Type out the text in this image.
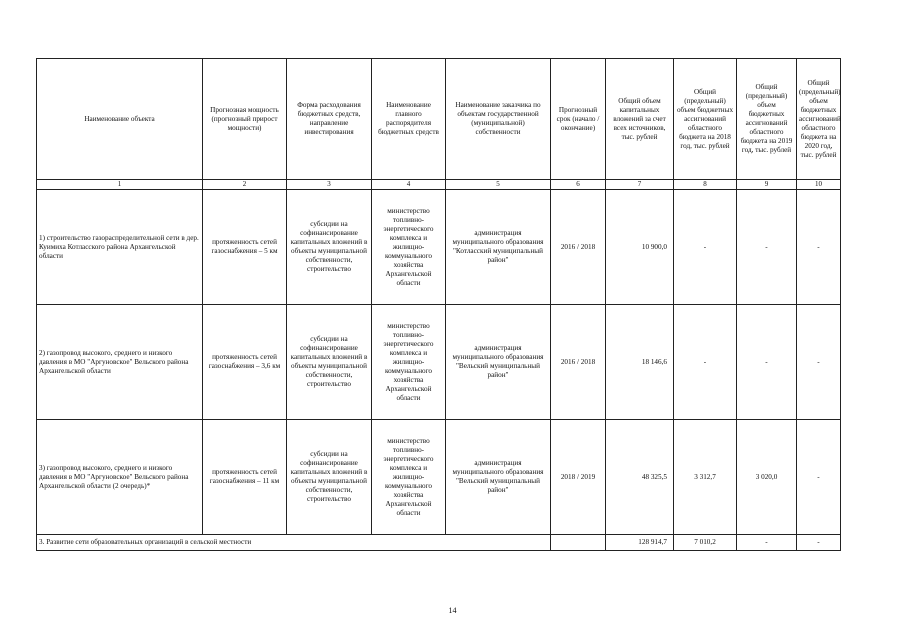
Наименование объекта	Прогнозная мощность (прогнозный прирост мощности)	Форма расходования бюджетных средств, направление инвестирования	Наименование главного распорядителя бюджетных средств	Наименование заказчика по объектам государственной (муниципальной) собственности	Прогнозный срок (начало / окончание)	Общий объем капитальных вложений за счет всех источников, тыс. рублей	Общий (предельный) объем бюджетных ассигнований областного бюджета на 2018 год, тыс. рублей	Общий (предельный) объем бюджетных ассигнований областного бюджета на 2019 год, тыс. рублей	Общий (предельный) объем бюджетных ассигнований областного бюджета на 2020 год, тыс. рублей
1	2	3	4	5	6	7	8	9	10
1) строительство газораспределительной сети в дер. Куимиха Котласского района Архангельской области	протяженность сетей газоснабжения – 5 км	субсидии на софинансирование капитальных вложений в объекты муниципальной собственности, строительство	министерство топливно-энергетического комплекса и жилищно-коммунального хозяйства Архангельской области	администрация муниципального образования "Котласский муниципальный район"	2016 / 2018	10 900,0	-	-	-
2) газопровод высокого, среднего и низкого давления в МО "Аргуновское" Вельского района Архангельской области	протяженность сетей газоснабжения – 3,6 км	субсидии на софинансирование капитальных вложений в объекты муниципальной собственности, строительство	министерство топливно-энергетического комплекса и жилищно-коммунального хозяйства Архангельской области	администрация муниципального образования "Вельский муниципальный район"	2016 / 2018	18 146,6	-	-	-
3) газопровод высокого, среднего и низкого давления в МО "Аргуновское" Вельского района Архангельской области (2 очередь)*	протяженность сетей газоснабжения – 11 км	субсидии на софинансирование капитальных вложений в объекты муниципальной собственности, строительство	министерство топливно-энергетического комплекса и жилищно-коммунального хозяйства Архангельской области	администрация муниципального образования "Вельский муниципальный район"	2018 / 2019	48 325,5	3 312,7	3 020,0	-
3. Развитие сети образовательных организаций в сельской местности						128 914,7	7 010,2	-	-
14
